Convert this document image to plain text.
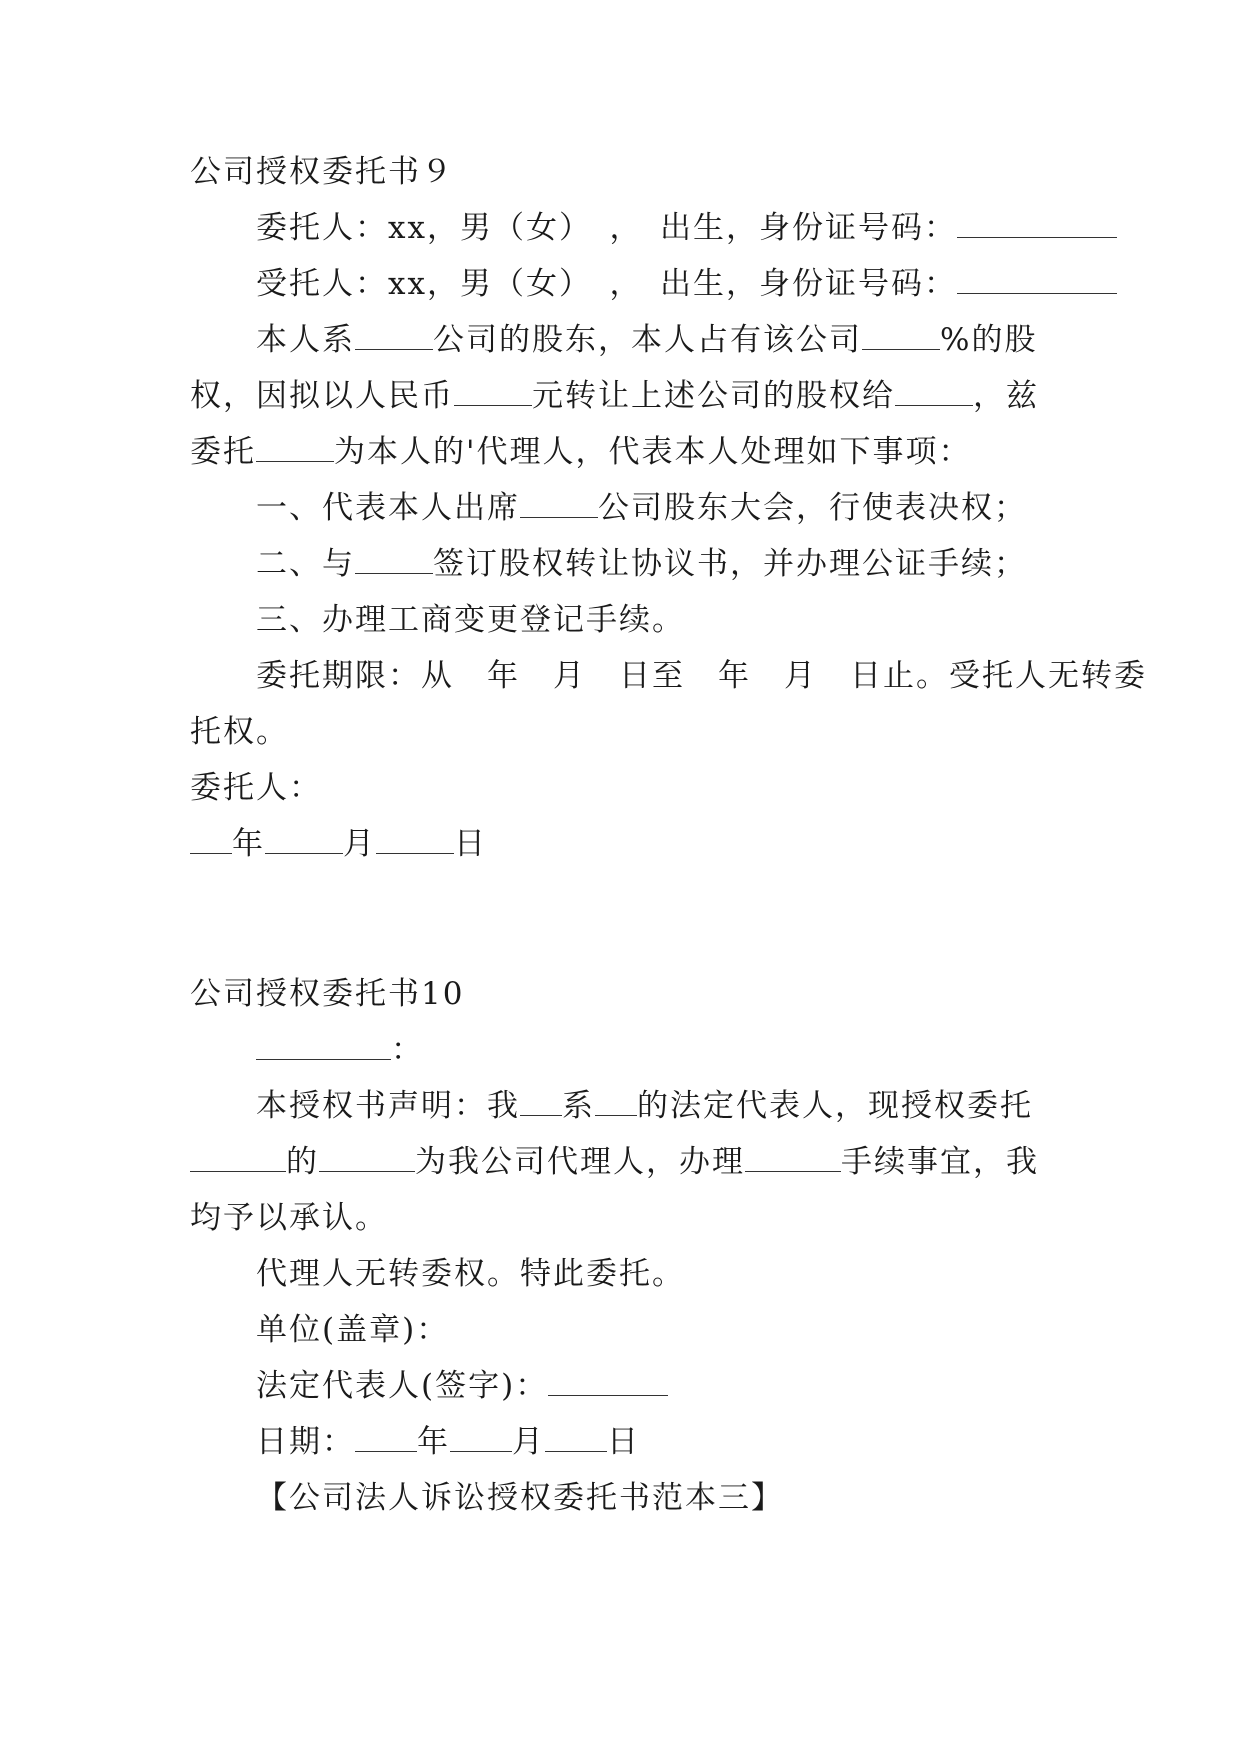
公司授权委托书９
委托人：xx，男（女）　，　出生，身份证号码：
受托人：xx，男（女）　，　出生，身份证号码：
本人系	公司的股东，本人占有该公司	%的股
权，因拟以人民币	元转让上述公司的股权给	，兹
委托	为本人的'代理人，代表本人处理如下事项：
一、代表本人出席	公司股东大会，行使表决权；
二、与	签订股权转让协议书，并办理公证手续；
三、办理工商变更登记手续。
委托期限：从　年　月　日至　年　月　日止。受托人无转委
托权。
委托人：
年	月	日
公司授权委托书10
：
本授权书声明：我 系 的法定代表人，现授权委托
的	为我公司代理人，办理	手续事宜，我
均予以承认。
代理人无转委权。特此委托。
单位(盖章)：
法定代表人(签字)：
日期： 年 月 日
【公司法人诉讼授权委托书范本三】
